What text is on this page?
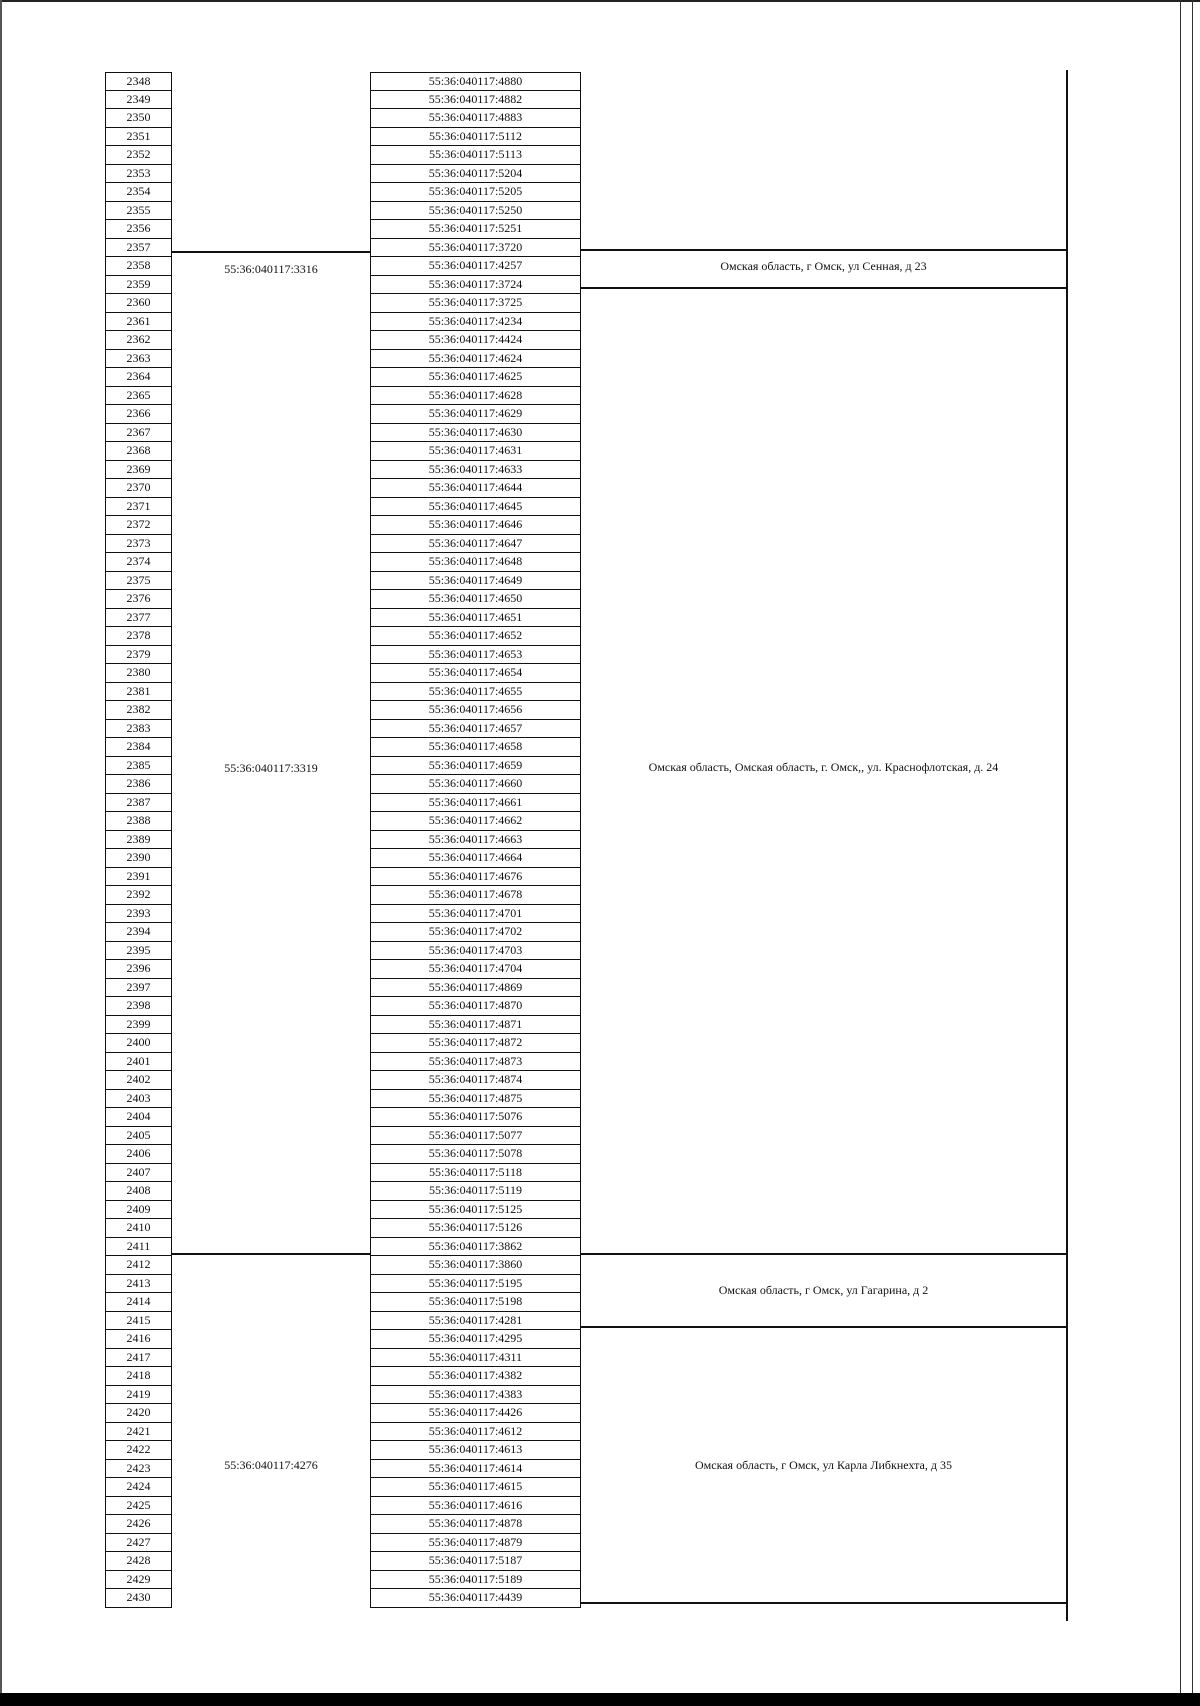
2348
2349
2350
2351
2352
2353
2354
2355
2356
2357
2358
2359
2360
2361
2362
2363
2364
2365
2366
2367
2368
2369
2370
2371
2372
2373
2374
2375
2376
2377
2378
2379
2380
2381
2382
2383
2384
2385
2386
2387
2388
2389
2390
2391
2392
2393
2394
2395
2396
2397
2398
2399
2400
2401
2402
2403
2404
2405
2406
2407
2408
2409
2410
2411
2412
2413
2414
2415
2416
2417
2418
2419
2420
2421
2422
2423
2424
2425
2426
2427
2428
2429
2430
55:36:040117:4880
55:36:040117:4882
55:36:040117:4883
55:36:040117:5112
55:36:040117:5113
55:36:040117:5204
55:36:040117:5205
55:36:040117:5250
55:36:040117:5251
55:36:040117:3720
55:36:040117:4257
55:36:040117:3724
55:36:040117:3725
55:36:040117:4234
55:36:040117:4424
55:36:040117:4624
55:36:040117:4625
55:36:040117:4628
55:36:040117:4629
55:36:040117:4630
55:36:040117:4631
55:36:040117:4633
55:36:040117:4644
55:36:040117:4645
55:36:040117:4646
55:36:040117:4647
55:36:040117:4648
55:36:040117:4649
55:36:040117:4650
55:36:040117:4651
55:36:040117:4652
55:36:040117:4653
55:36:040117:4654
55:36:040117:4655
55:36:040117:4656
55:36:040117:4657
55:36:040117:4658
55:36:040117:4659
55:36:040117:4660
55:36:040117:4661
55:36:040117:4662
55:36:040117:4663
55:36:040117:4664
55:36:040117:4676
55:36:040117:4678
55:36:040117:4701
55:36:040117:4702
55:36:040117:4703
55:36:040117:4704
55:36:040117:4869
55:36:040117:4870
55:36:040117:4871
55:36:040117:4872
55:36:040117:4873
55:36:040117:4874
55:36:040117:4875
55:36:040117:5076
55:36:040117:5077
55:36:040117:5078
55:36:040117:5118
55:36:040117:5119
55:36:040117:5125
55:36:040117:5126
55:36:040117:3862
55:36:040117:3860
55:36:040117:5195
55:36:040117:5198
55:36:040117:4281
55:36:040117:4295
55:36:040117:4311
55:36:040117:4382
55:36:040117:4383
55:36:040117:4426
55:36:040117:4612
55:36:040117:4613
55:36:040117:4614
55:36:040117:4615
55:36:040117:4616
55:36:040117:4878
55:36:040117:4879
55:36:040117:5187
55:36:040117:5189
55:36:040117:4439
55:36:040117:3316
55:36:040117:3319
55:36:040117:4276
Омская область, г Омск, ул Сенная, д 23
Омская область, Омская область, г. Омск,, ул. Краснофлотская, д. 24
Омская область, г Омск, ул Гагарина, д 2
Омская область, г Омск, ул Карла Либкнехта, д 35
